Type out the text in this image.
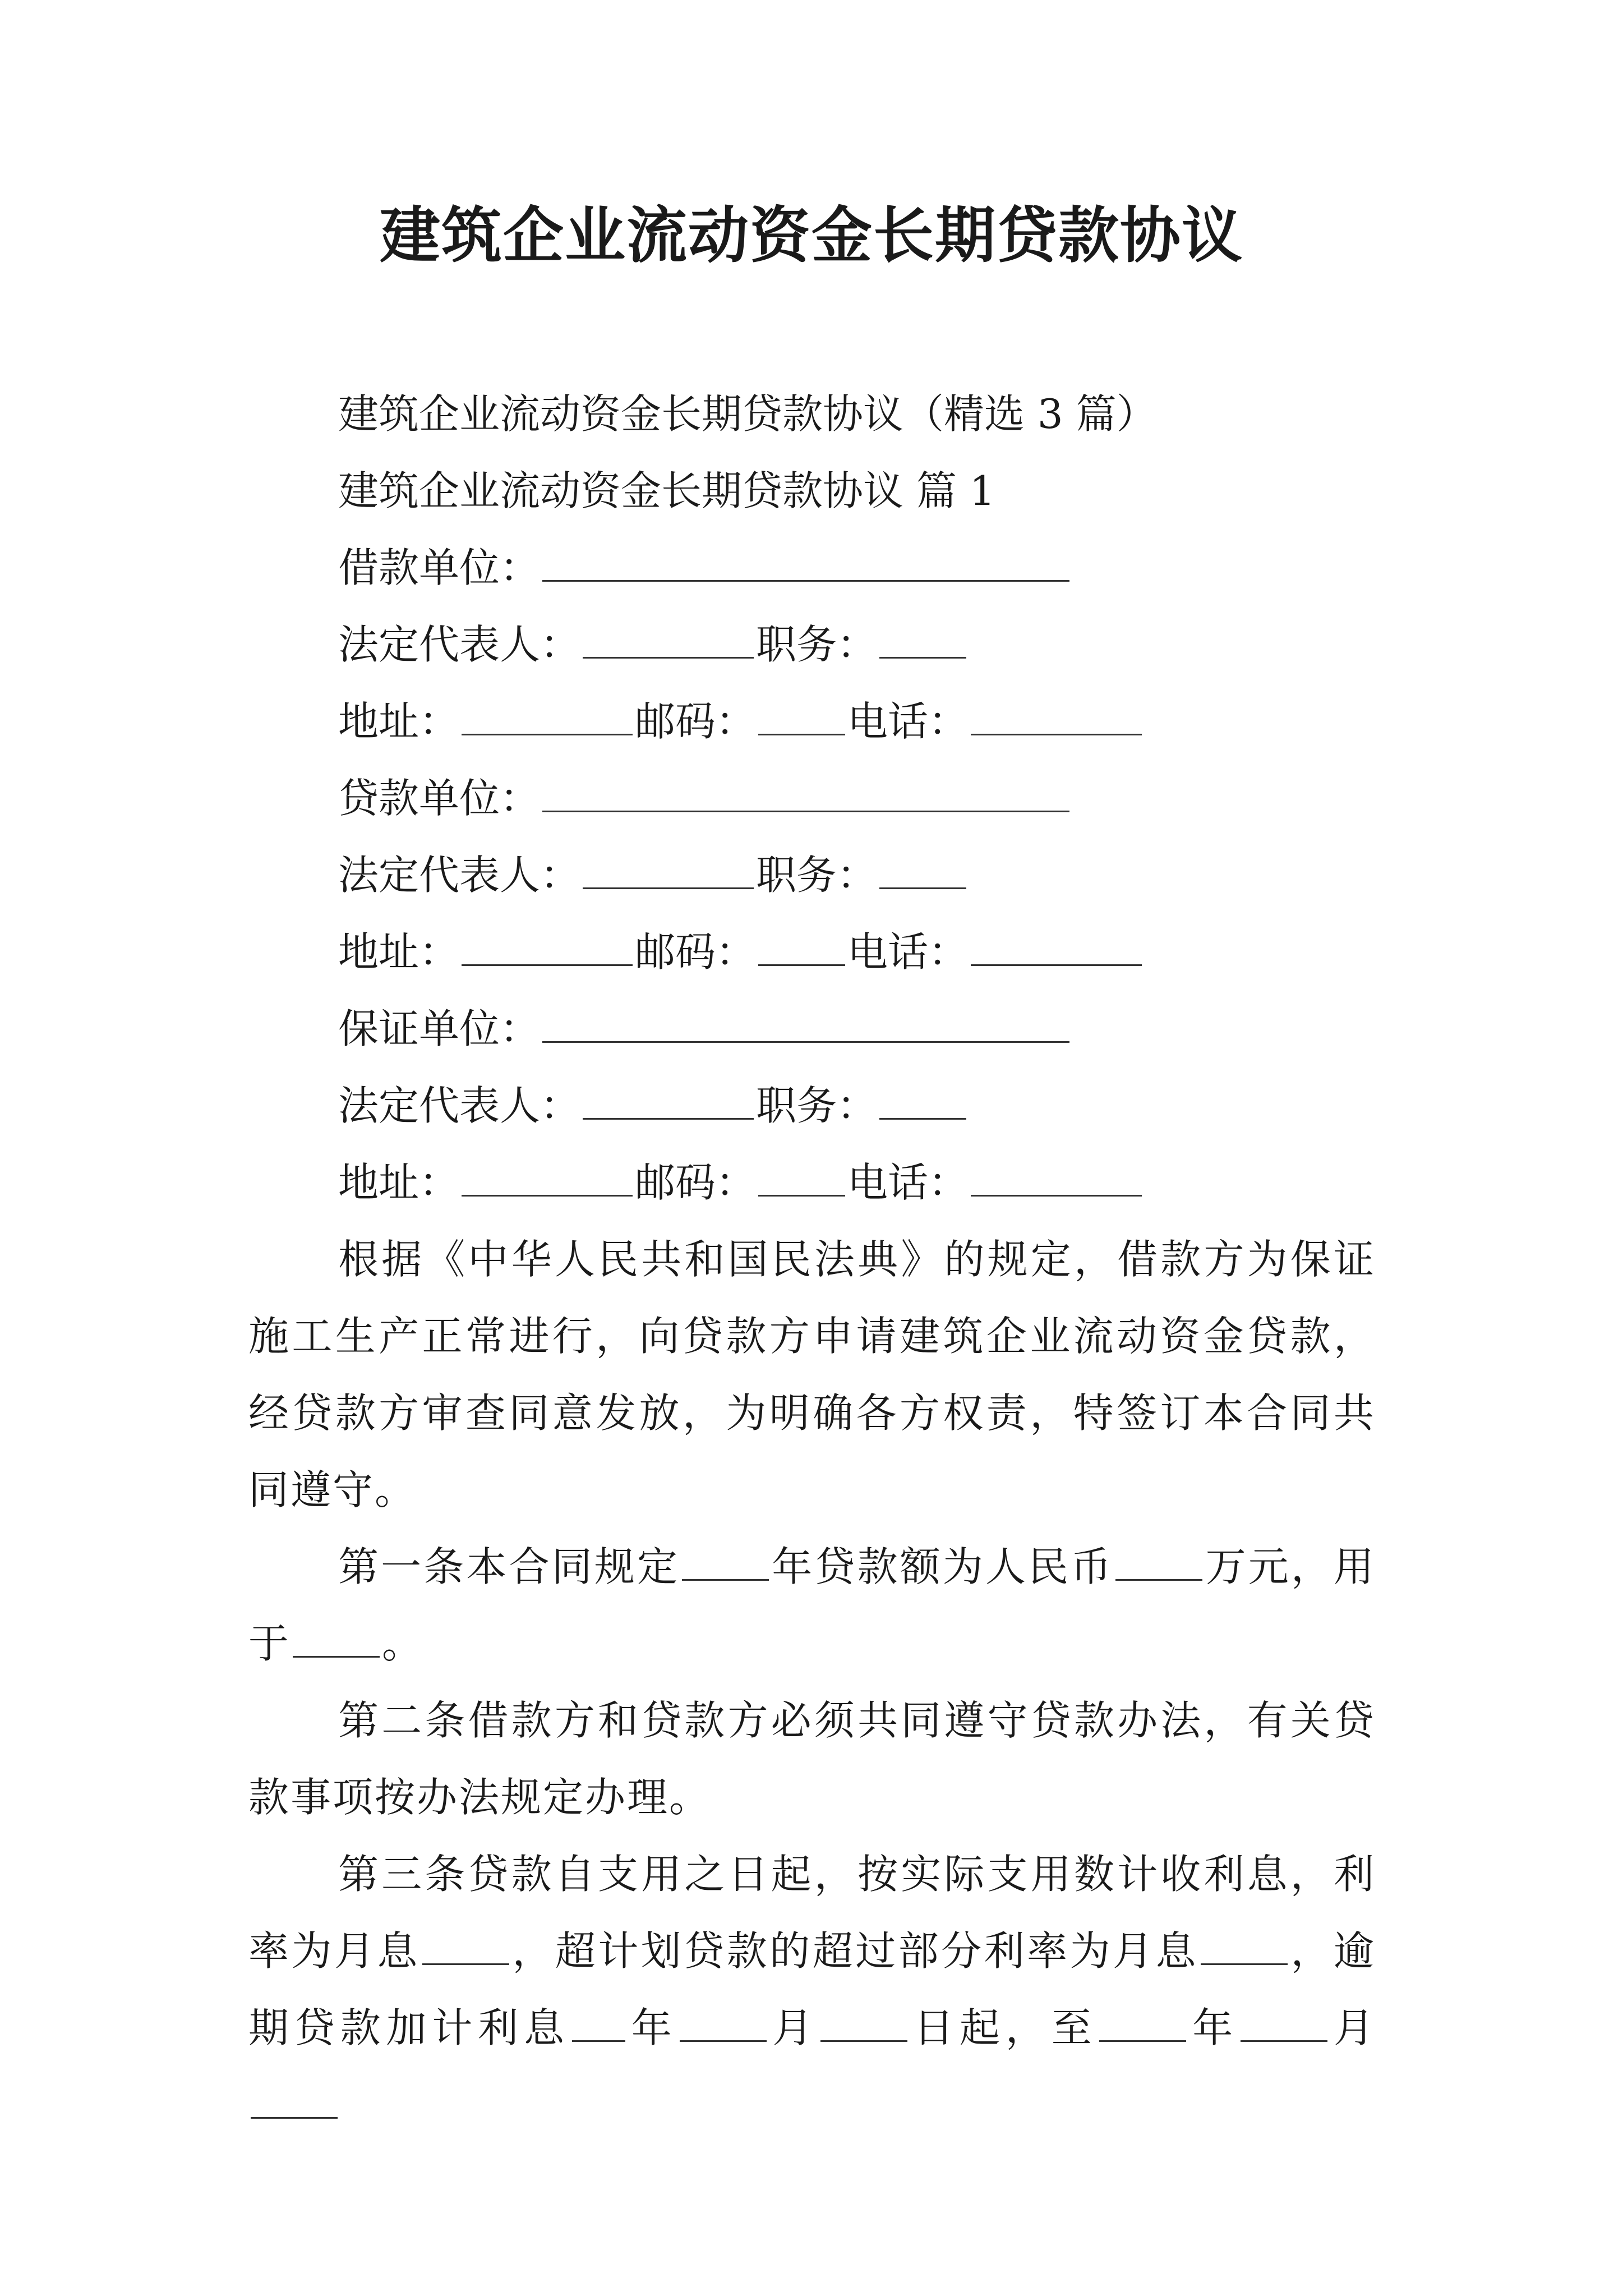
建筑企业流动资金长期贷款协议

建筑企业流动资金长期贷款协议（精选 3 篇）

建筑企业流动资金长期贷款协议 篇 1

借款单位：

法定代表人：	职务：

地址：	邮码： 电话：

贷款单位：

法定代表人：	职务：

地址：	邮码： 电话：

保证单位：

法定代表人：	职务：

地址：	邮码： 电话：

根据《中华人民共和国民法典》的规定，借款方为保证施工生产正常进行，向贷款方申请建筑企业流动资金贷款，经贷款方审查同意发放，为明确各方权责，特签订本合同共同遵守。

第一条本合同规定 年贷款额为人民币 万元，用于 。

第二条借款方和贷款方必须共同遵守贷款办法，有关贷款事项按办法规定办理。

第三条贷款自支用之日起，按实际支用数计收利息，利率为月息 ，超计划贷款的超过部分利率为月息 ，逾期贷款加计利息 年 月 日起，至 年 月
